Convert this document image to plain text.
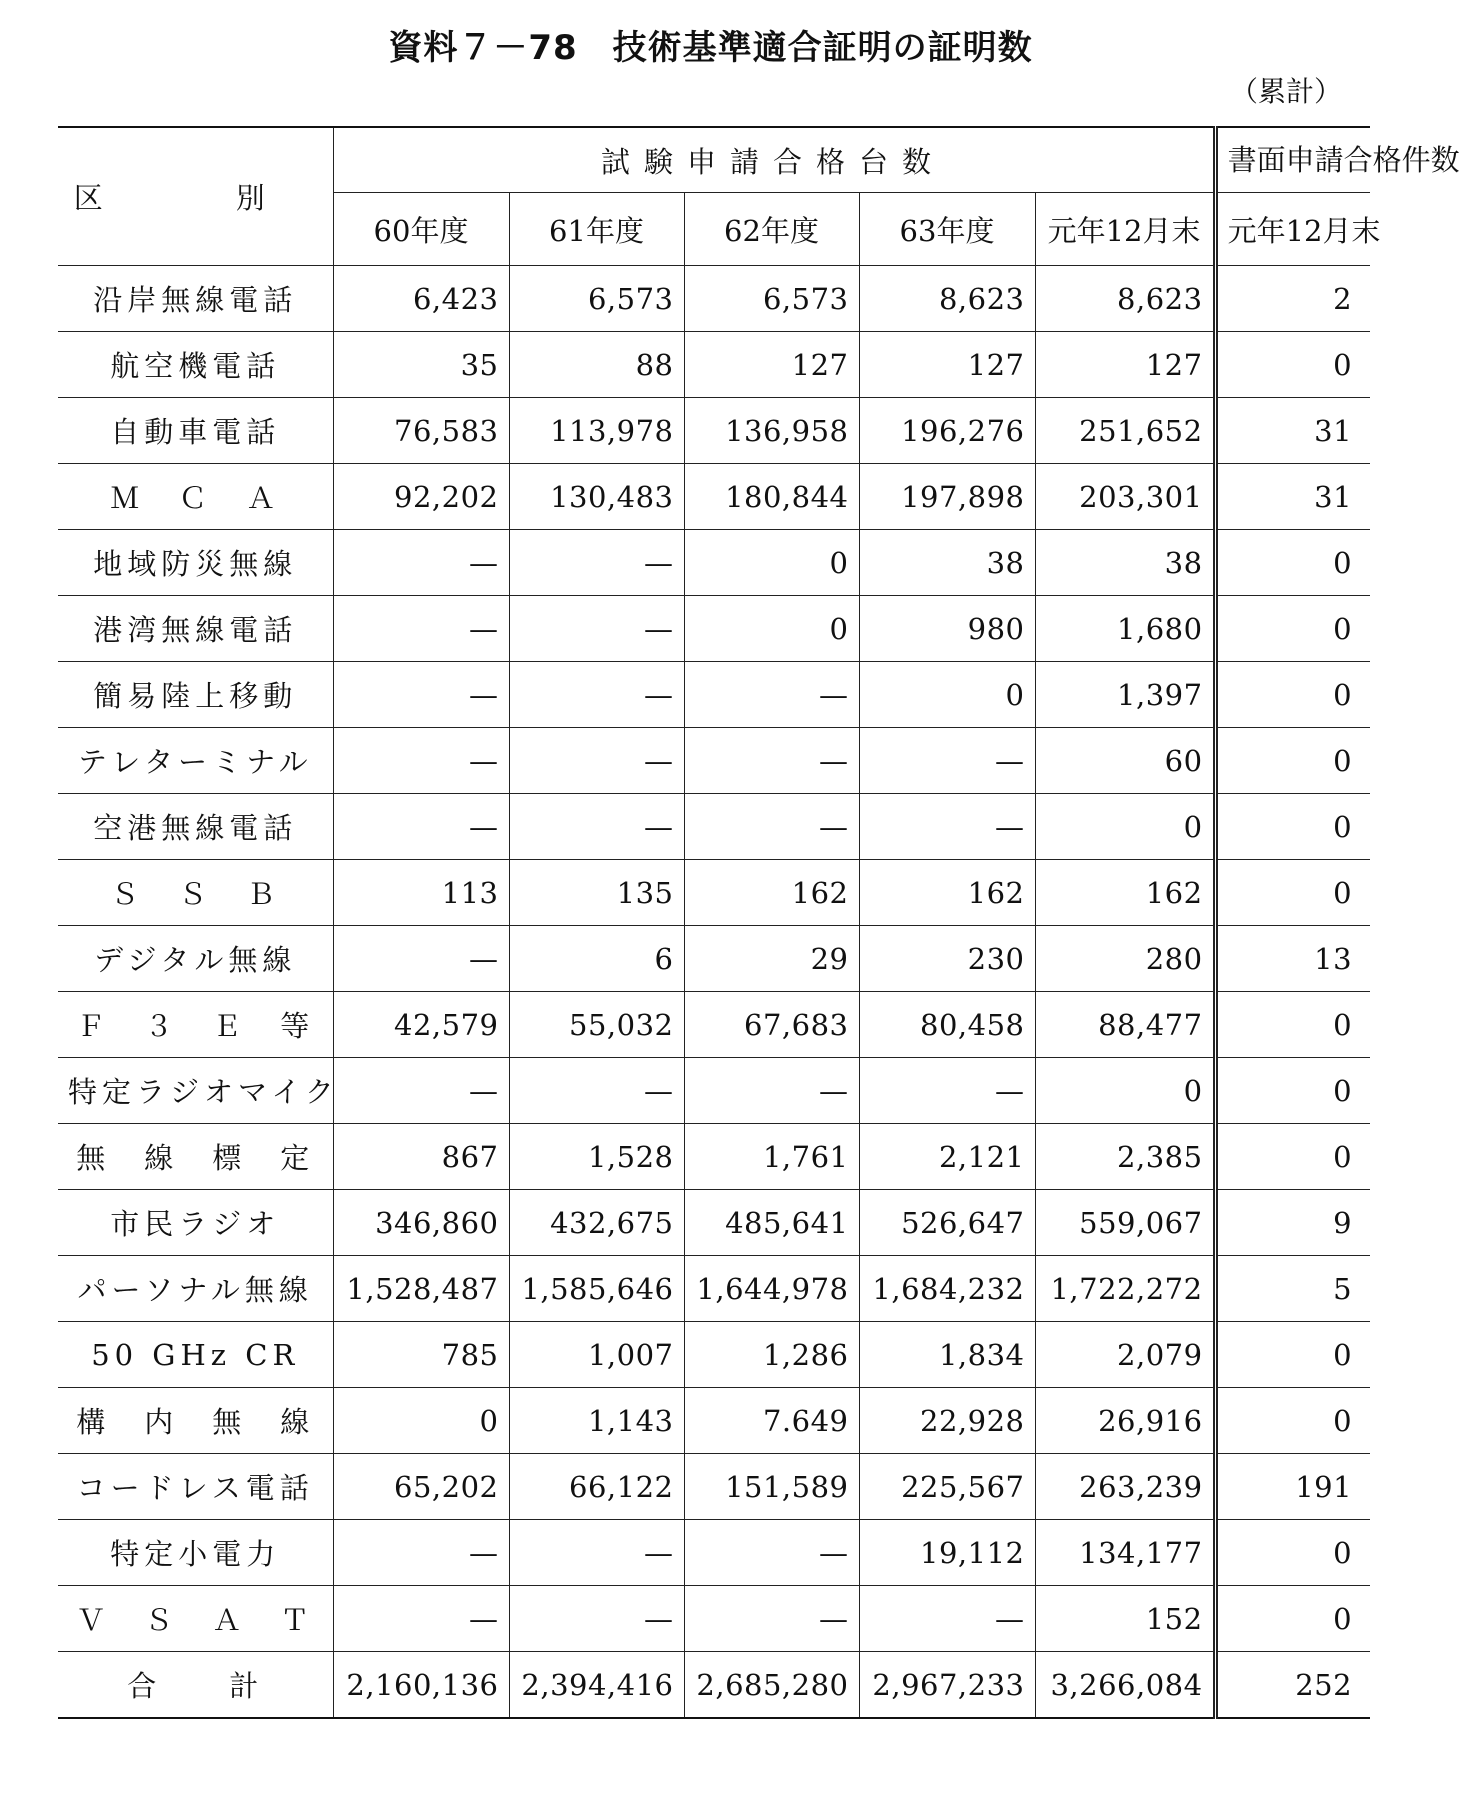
資料７－78　技術基準適合証明の証明数
（累計）
区　別	試験申請合格台数					書面申請合格件数
	60年度	61年度	62年度	63年度	元年12月末	元年12月末
沿岸無線電話	6,423	6,573	6,573	8,623	8,623	2
航空機電話	35	88	127	127	127	0
自動車電話	76,583	113,978	136,958	196,276	251,652	31
Ｍ　Ｃ　Ａ	92,202	130,483	180,844	197,898	203,301	31
地域防災無線	—	—	0	38	38	0
港湾無線電話	—	—	0	980	1,680	0
簡易陸上移動	—	—	—	0	1,397	0
テレターミナル	—	—	—	—	60	0
空港無線電話	—	—	—	—	0	0
Ｓ　Ｓ　Ｂ	113	135	162	162	162	0
デジタル無線	—	6	29	230	280	13
Ｆ　３　Ｅ　等	42,579	55,032	67,683	80,458	88,477	0
特定ラジオマイク	—	—	—	—	0	0
無　線　標　定	867	1,528	1,761	2,121	2,385	0
市民ラジオ	346,860	432,675	485,641	526,647	559,067	9
パーソナル無線	1,528,487	1,585,646	1,644,978	1,684,232	1,722,272	5
50 GHz CR	785	1,007	1,286	1,834	2,079	0
構　内　無　線	0	1,143	7.649	22,928	26,916	0
コードレス電話	65,202	66,122	151,589	225,567	263,239	191
特定小電力	—	—	—	19,112	134,177	0
Ｖ　Ｓ　Ａ　Ｔ	—	—	—	—	152	0
合　　計	2,160,136	2,394,416	2,685,280	2,967,233	3,266,084	252
